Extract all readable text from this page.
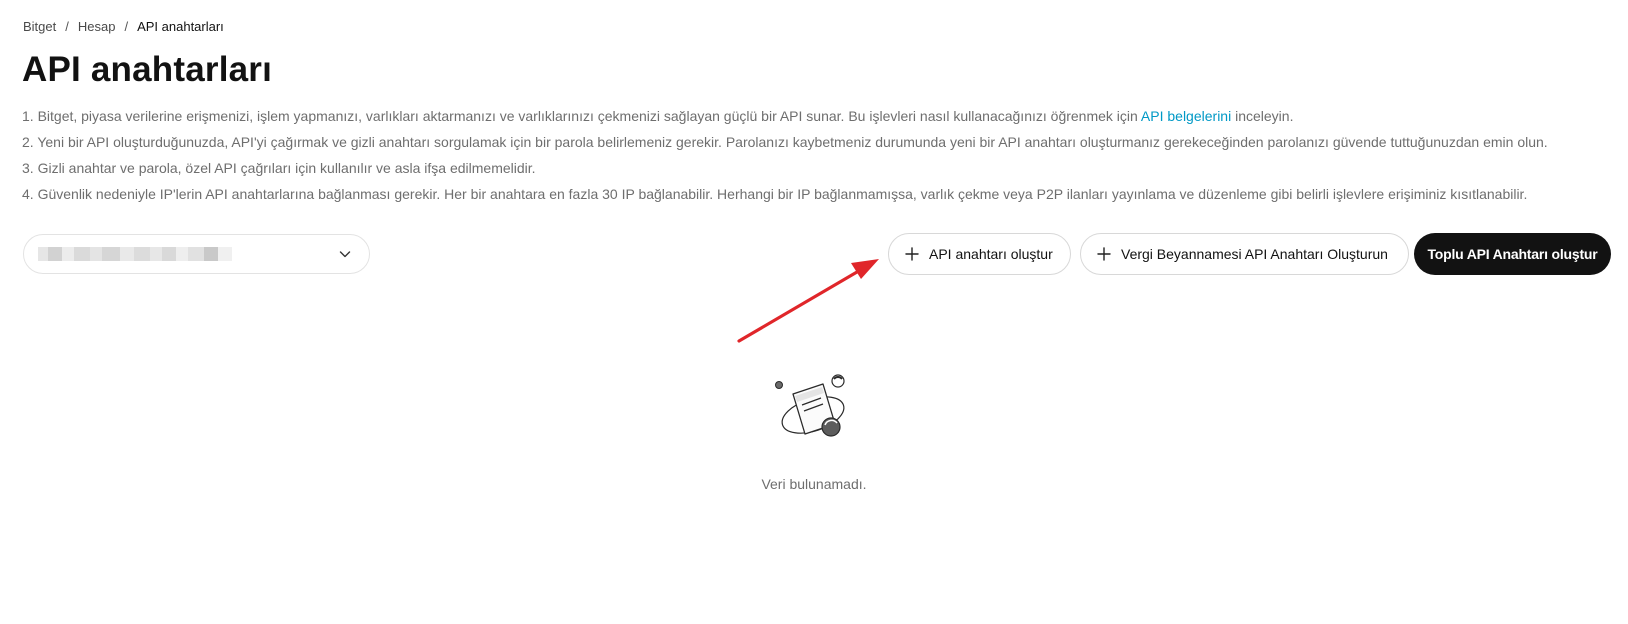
Bitget / Hesap / API anahtarları
API anahtarları
1. Bitget, piyasa verilerine erişmenizi, işlem yapmanızı, varlıkları aktarmanızı ve varlıklarınızı çekmenizi sağlayan güçlü bir API sunar. Bu işlevleri nasıl kullanacağınızı öğrenmek için API belgelerini inceleyin.
2. Yeni bir API oluşturduğunuzda, API'yi çağırmak ve gizli anahtarı sorgulamak için bir parola belirlemeniz gerekir. Parolanızı kaybetmeniz durumunda yeni bir API anahtarı oluşturmanız gerekeceğinden parolanızı güvende tuttuğunuzdan emin olun.
3. Gizli anahtar ve parola, özel API çağrıları için kullanılır ve asla ifşa edilmemelidir.
4. Güvenlik nedeniyle IP'lerin API anahtarlarına bağlanması gerekir. Her bir anahtara en fazla 30 IP bağlanabilir. Herhangi bir IP bağlanmamışsa, varlık çekme veya P2P ilanları yayınlama ve düzenleme gibi belirli işlevlere erişiminiz kısıtlanabilir.
API anahtarı oluştur	Vergi Beyannamesi API Anahtarı Oluşturun	Toplu API Anahtarı oluştur
Veri bulunamadı.
